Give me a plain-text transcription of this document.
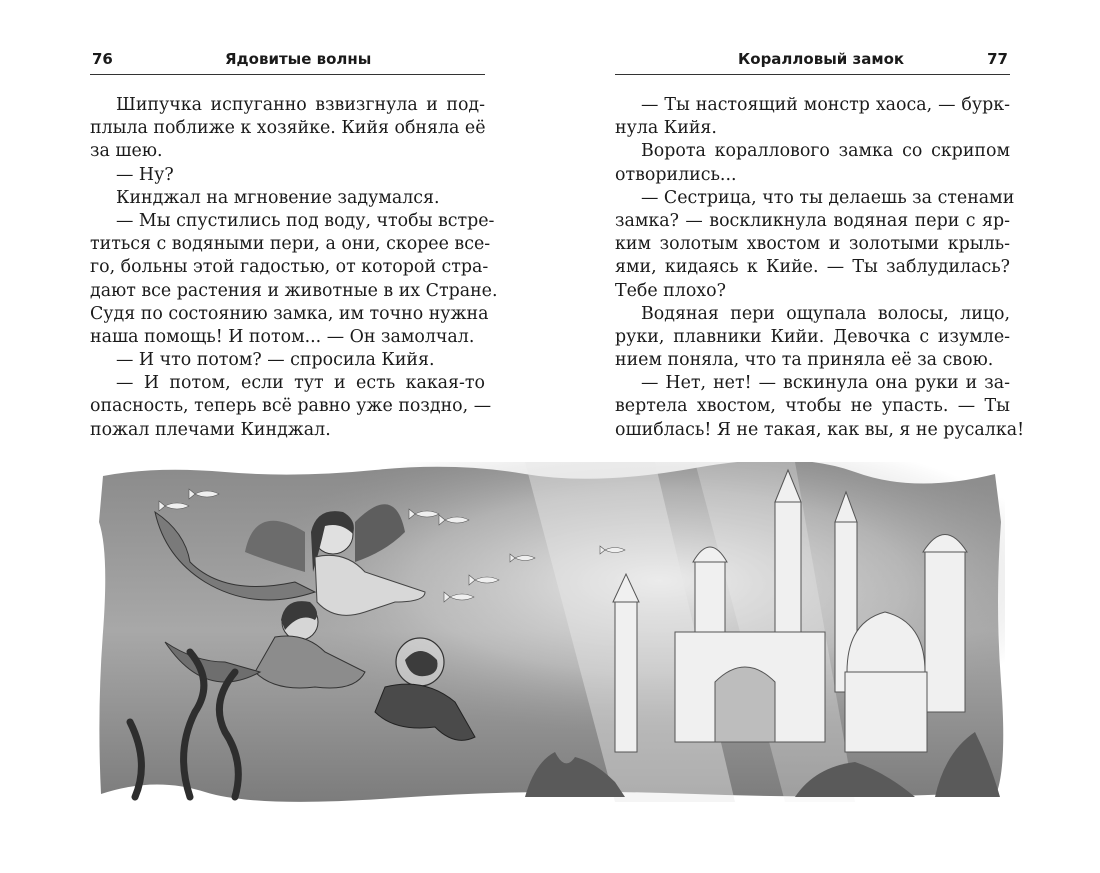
76	Ядовитые волны
Шипучка испуганно взвизгнула и под-
плыла поближе к хозяйке. Кийя обняла её
за шею.
— Ну?
Кинджал на мгновение задумался.
— Мы спустились под воду, чтобы встре-
титься с водяными пери, а они, скорее все-
го, больны этой гадостью, от которой стра-
дают все растения и животные в их Стране.
Судя по состоянию замка, им точно нужна
наша помощь! И потом... — Он замолчал.
— И что потом? — спросила Кийя.
— И потом, если тут и есть какая-то
опасность, теперь всё равно уже поздно, —
пожал плечами Кинджал.
Коралловый замок	77
— Ты настоящий монстр хаоса, — бурк-
нула Кийя.
Ворота кораллового замка со скрипом
отворились...
— Сестрица, что ты делаешь за стенами
замка? — воскликнула водяная пери с яр-
ким золотым хвостом и золотыми крыль-
ями, кидаясь к Кийе. — Ты заблудилась?
Тебе плохо?
Водяная пери ощупала волосы, лицо,
руки, плавники Кийи. Девочка с изумле-
нием поняла, что та приняла её за свою.
— Нет, нет! — вскинула она руки и за-
вертела хвостом, чтобы не упасть. — Ты
ошиблась! Я не такая, как вы, я не русалка!
